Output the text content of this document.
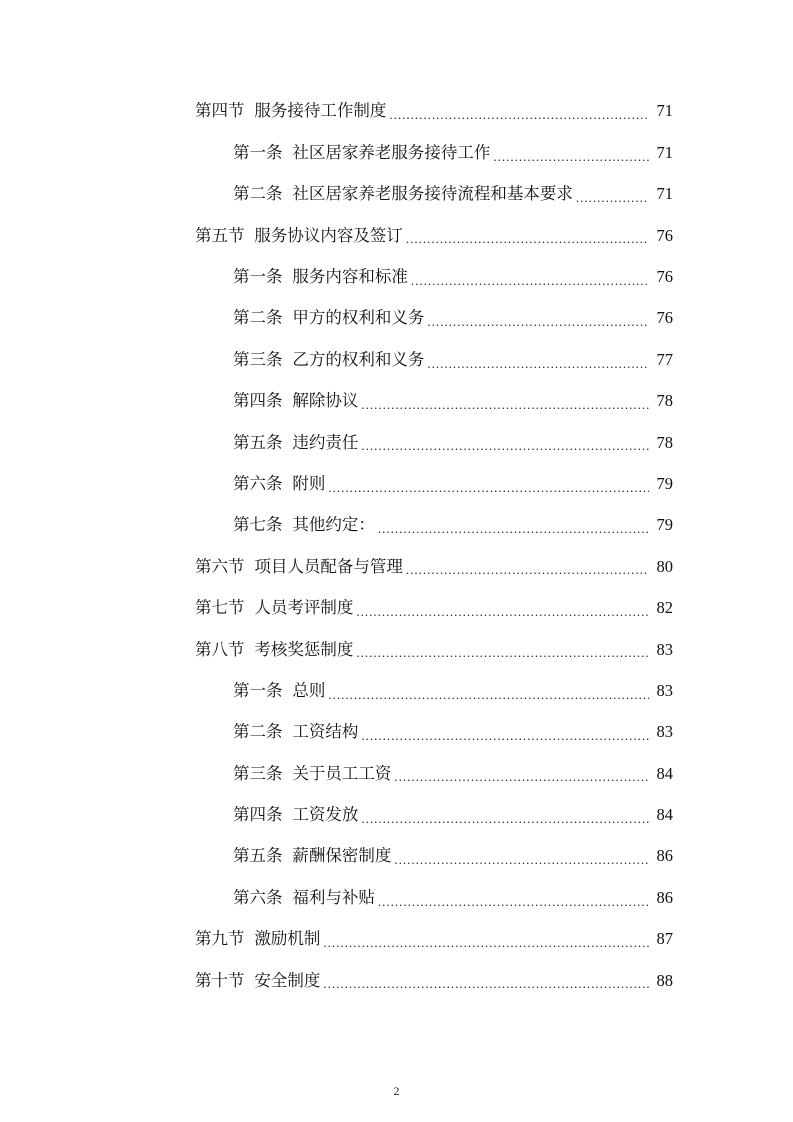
第四节 服务接待工作制度 .....	71
第一条 社区居家养老服务接待工作 .....	71
第二条 社区居家养老服务接待流程和基本要求 .....	71
第五节 服务协议内容及签订 .....	76
第一条 服务内容和标准 .....	76
第二条 甲方的权利和义务 .....	76
第三条 乙方的权利和义务 .....	77
第四条 解除协议 .....	78
第五条 违约责任 .....	78
第六条 附则 .....	79
第七条 其他约定： .....	79
第六节 项目人员配备与管理 .....	80
第七节 人员考评制度 .....	82
第八节 考核奖惩制度 .....	83
第一条 总则 .....	83
第二条 工资结构 .....	83
第三条 关于员工工资 .....	84
第四条 工资发放 .....	84
第五条 薪酬保密制度 .....	86
第六条 福利与补贴 .....	86
第九节 激励机制 .....	87
第十节 安全制度 .....	88
2
